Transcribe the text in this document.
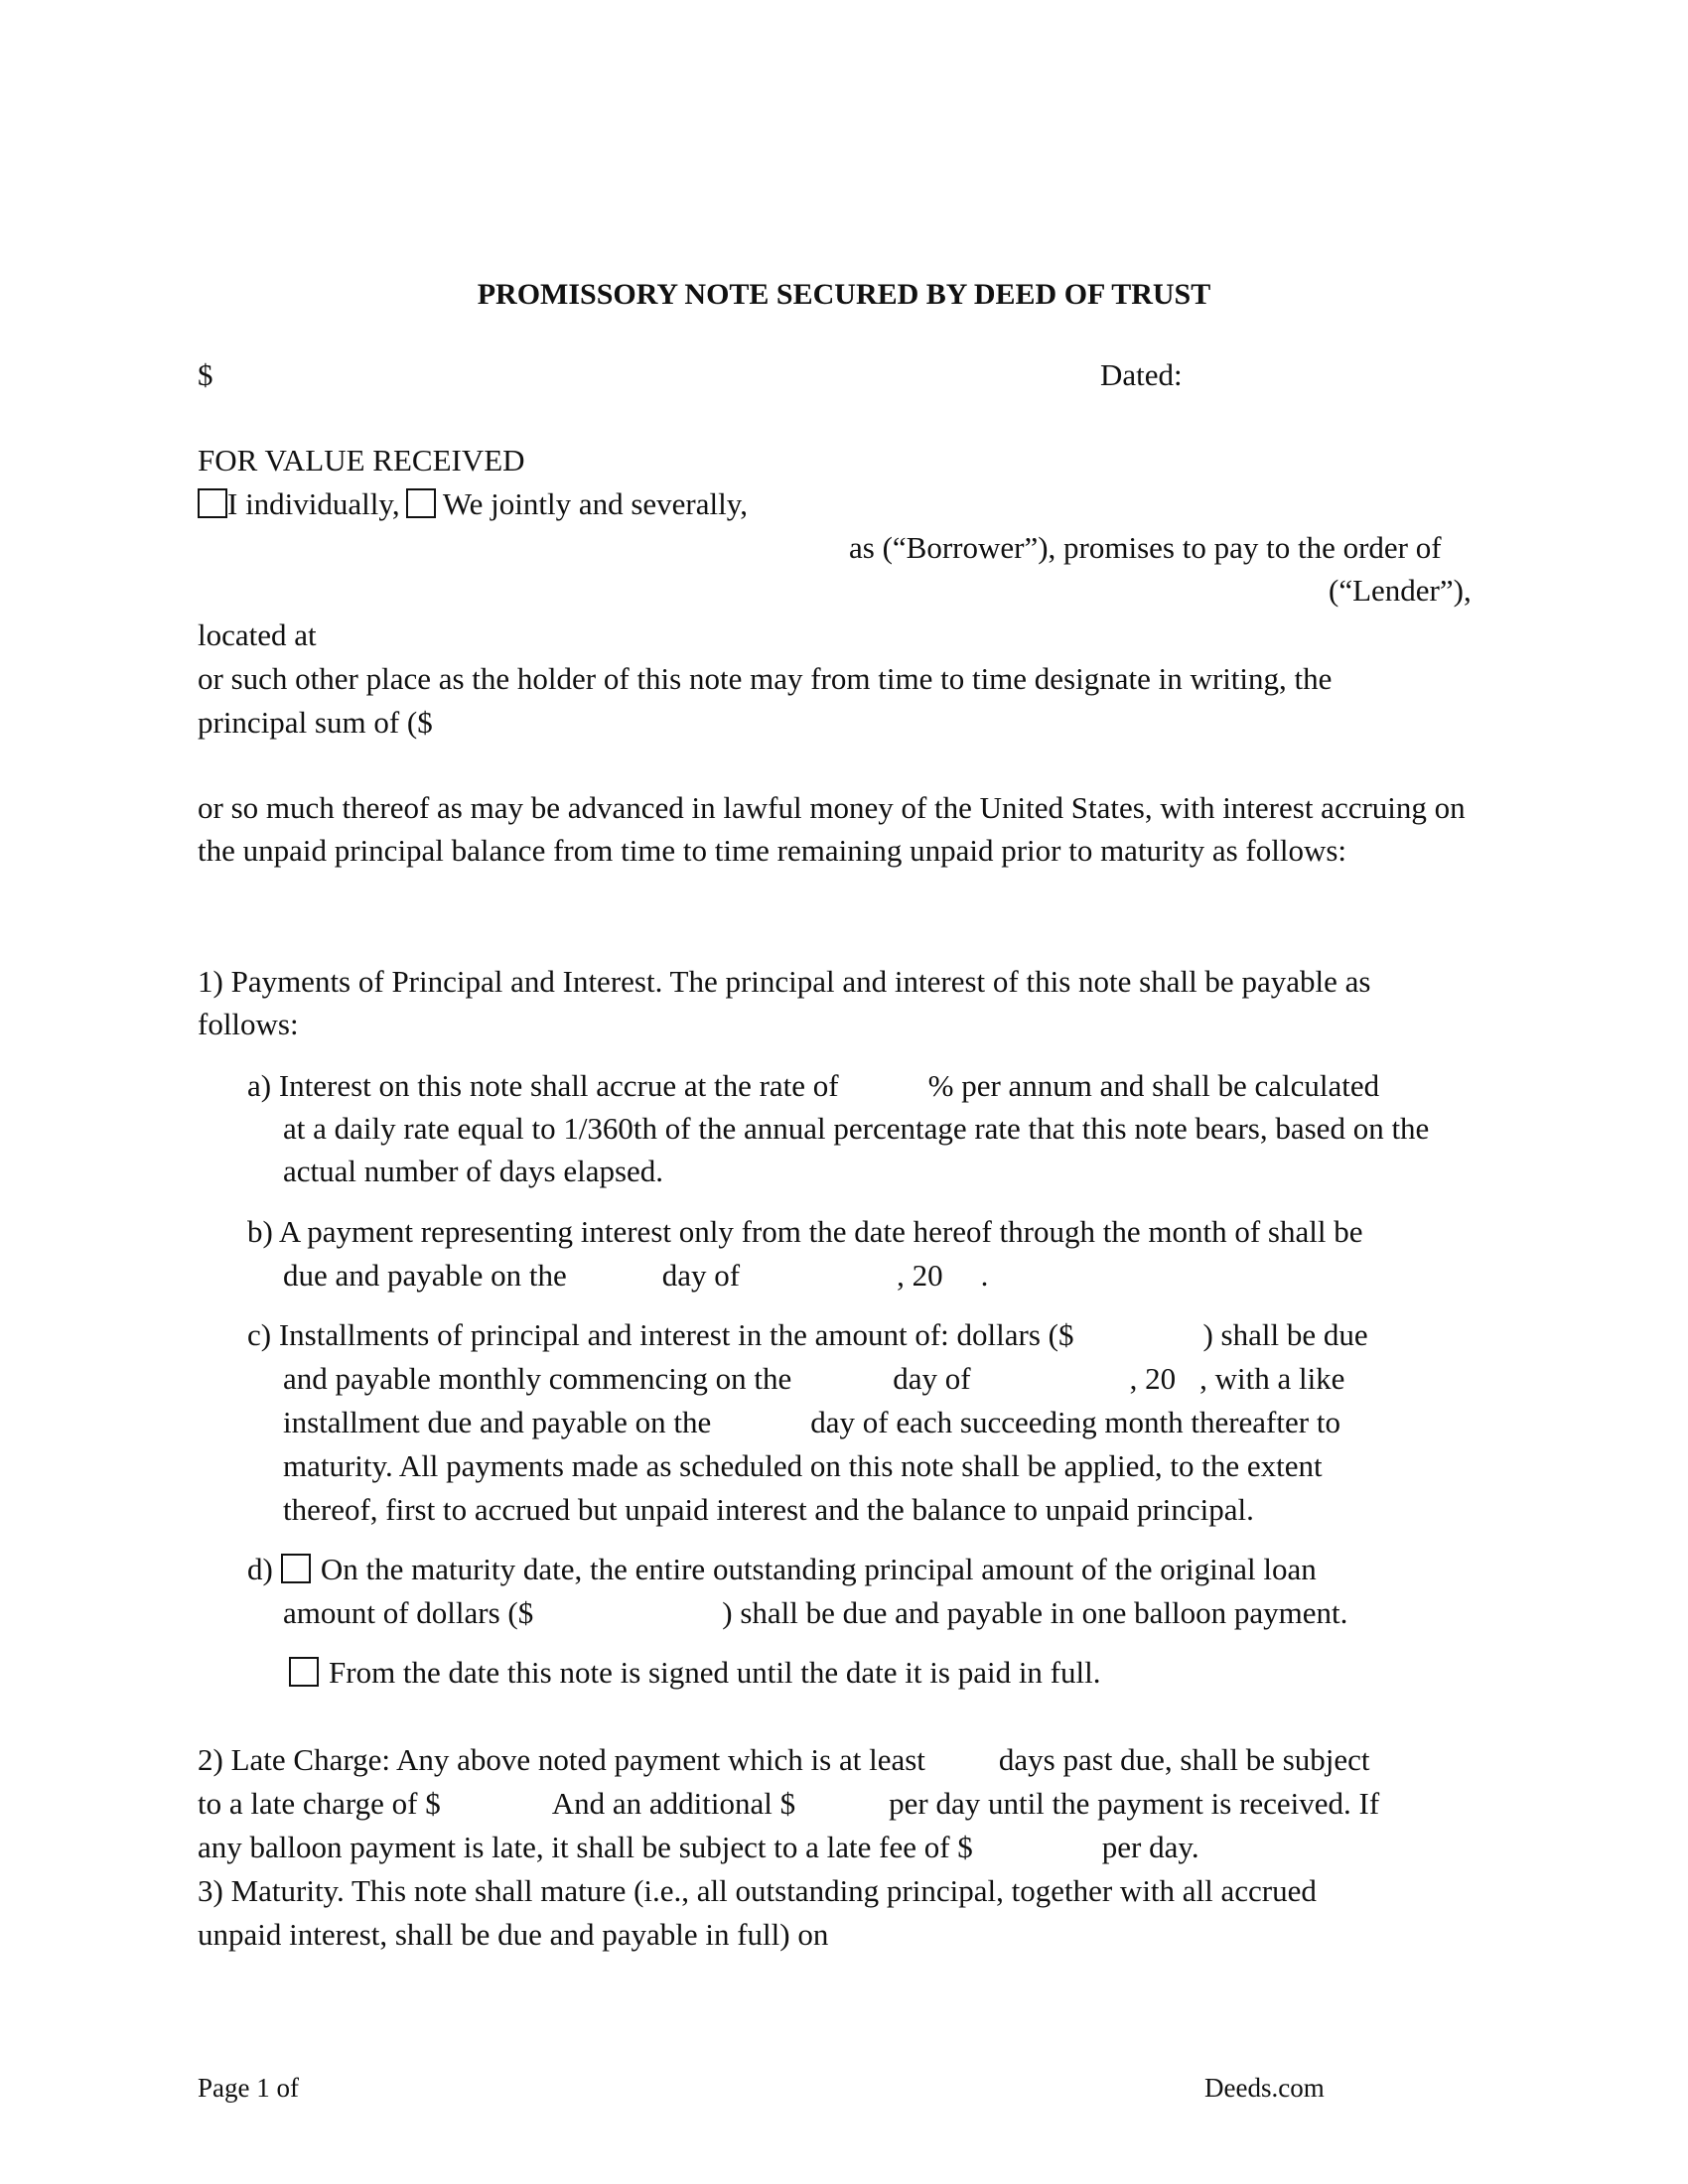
PROMISSORY NOTE SECURED BY DEED OF TRUST
$	Dated:
FOR VALUE RECEIVED
I individually, We jointly and severally,
as (“Borrower”), promises to pay to the order of
(“Lender”),
located at
or such other place as the holder of this note may from time to time designate in writing, the
principal sum of ($
or so much thereof as may be advanced in lawful money of the United States, with interest accruing on the unpaid principal balance from time to time remaining unpaid prior to maturity as follows:
1) Payments of Principal and Interest. The principal and interest of this note shall be payable as follows:
a) Interest on this note shall accrue at the rate of	% per annum and shall be calculated
at a daily rate equal to 1/360th of the annual percentage rate that this note bears, based on the actual number of days elapsed.
b) A payment representing interest only from the date hereof through the month of shall be
due and payable on the	day of	, 20 .
c) Installments of principal and interest in the amount of: dollars ($	) shall be due
and payable monthly commencing on the	day of	, 20 , with a like
installment due and payable on the	day of each succeeding month thereafter to
maturity. All payments made as scheduled on this note shall be applied, to the extent
thereof, first to accrued but unpaid interest and the balance to unpaid principal.
d) On the maturity date, the entire outstanding principal amount of the original loan
amount of dollars ($	) shall be due and payable in one balloon payment.
From the date this note is signed until the date it is paid in full.
2) Late Charge: Any above noted payment which is at least days past due, shall be subject
to a late charge of $	And an additional $	per day until the payment is received. If
any balloon payment is late, it shall be subject to a late fee of $	per day.
3) Maturity. This note shall mature (i.e., all outstanding principal, together with all accrued
unpaid interest, shall be due and payable in full) on
Page 1 of	Deeds.com
